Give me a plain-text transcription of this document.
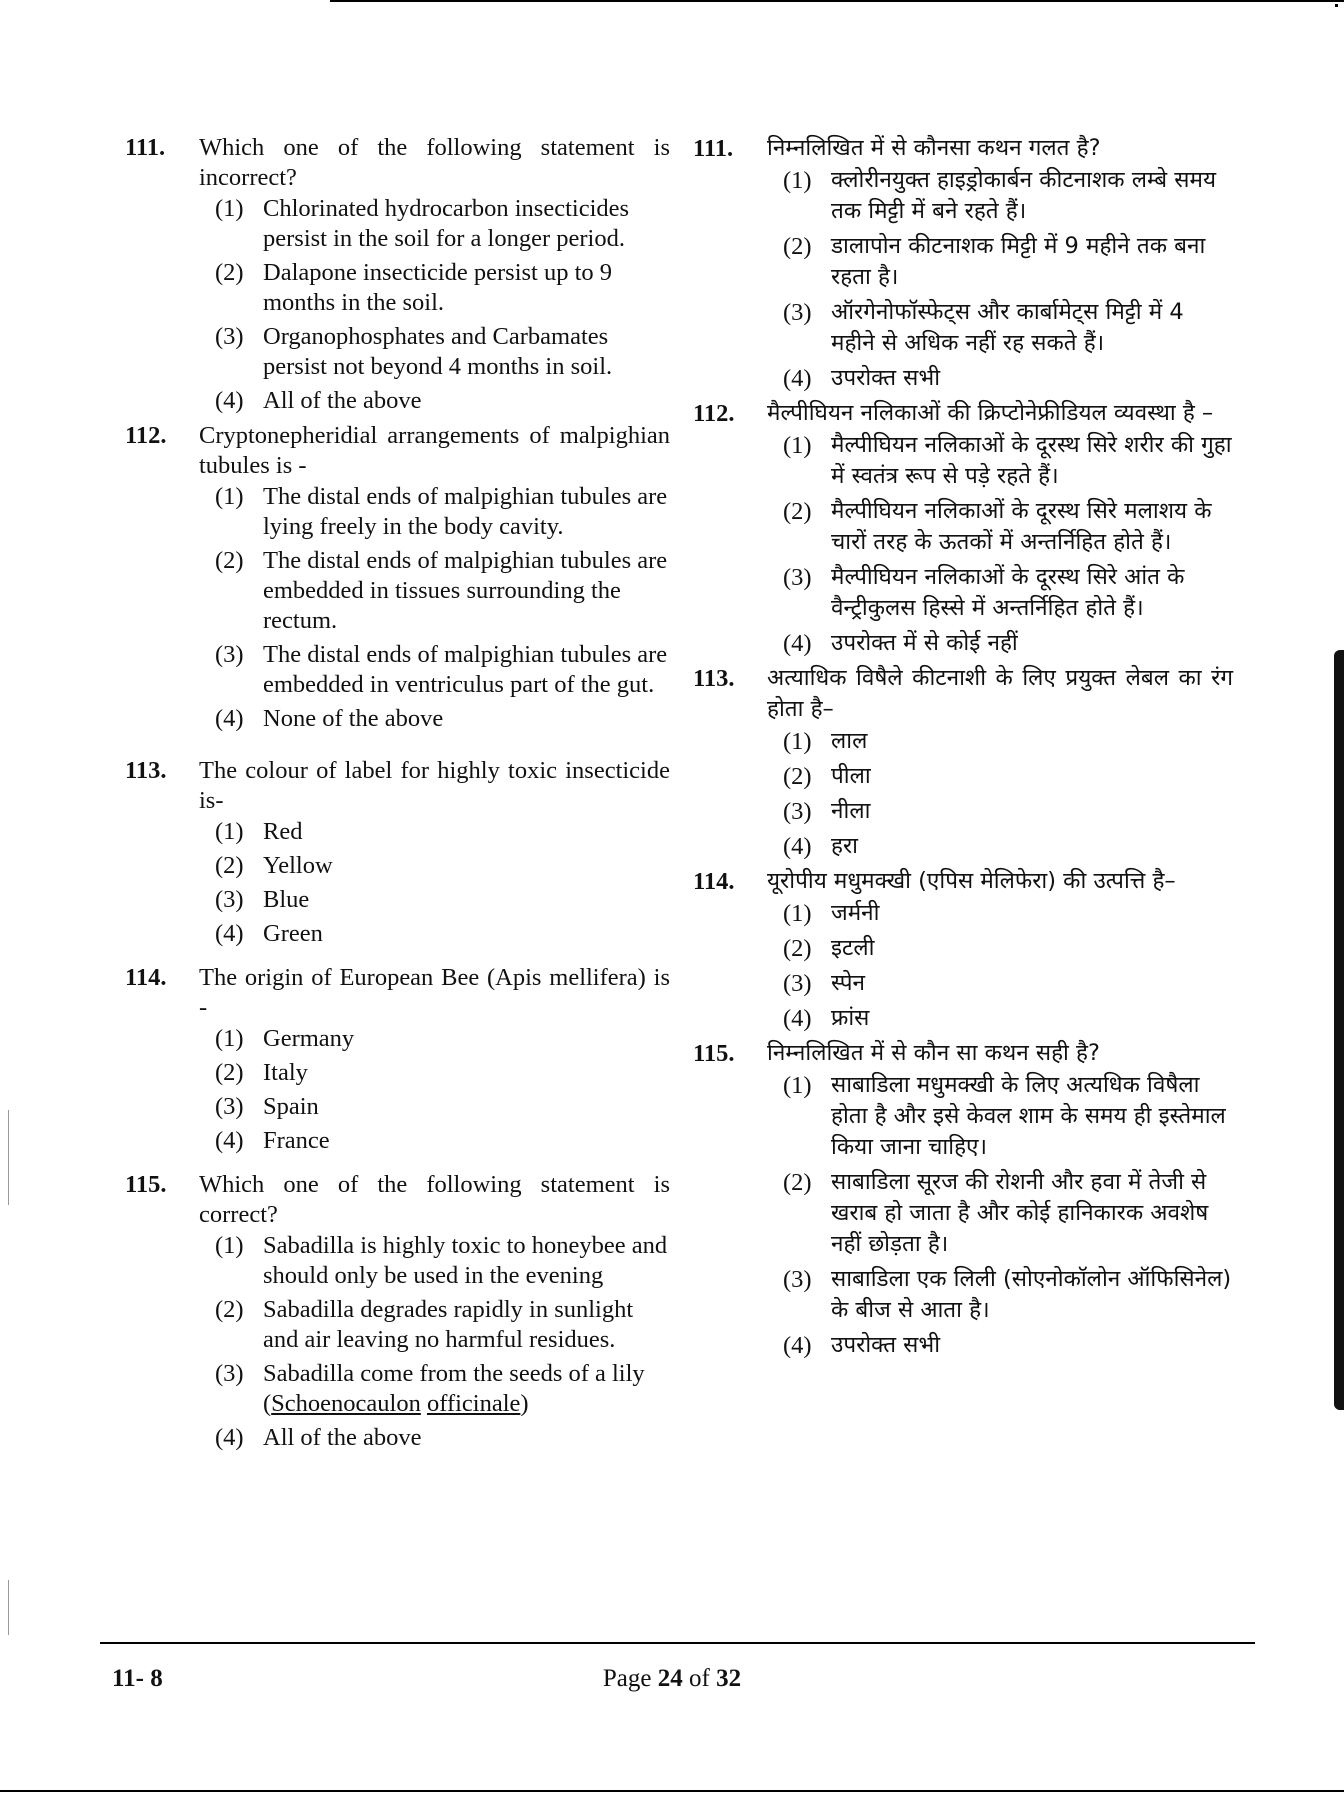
111. Which one of the following statement is incorrect?
(1) Chlorinated hydrocarbon insecticides persist in the soil for a longer period.
(2) Dalapone insecticide persist up to 9 months in the soil.
(3) Organophosphates and Carbamates persist not beyond 4 months in soil.
(4) All of the above
112. Cryptonepheridial arrangements of malpighian tubules is -
(1) The distal ends of malpighian tubules are lying freely in the body cavity.
(2) The distal ends of malpighian tubules are embedded in tissues surrounding the rectum.
(3) The distal ends of malpighian tubules are embedded in ventriculus part of the gut.
(4) None of the above
113. The colour of label for highly toxic insecticide is-
(1) Red
(2) Yellow
(3) Blue
(4) Green
114. The origin of European Bee (Apis mellifera) is -
(1) Germany
(2) Italy
(3) Spain
(4) France
115. Which one of the following statement is correct?
(1) Sabadilla is highly toxic to honeybee and should only be used in the evening
(2) Sabadilla degrades rapidly in sunlight and air leaving no harmful residues.
(3) Sabadilla come from the seeds of a lily (Schoenocaulon officinale)
(4) All of the above
111. निम्नलिखित में से कौनसा कथन गलत है?
(1) क्लोरीनयुक्त हाइड्रोकार्बन कीटनाशक लम्बे समय तक मिट्टी में बने रहते हैं।
(2) डालापोन कीटनाशक मिट्टी में 9 महीने तक बना रहता है।
(3) ऑरगेनोफॉस्फेट्स और कार्बामेट्स मिट्टी में 4 महीने से अधिक नहीं रह सकते हैं।
(4) उपरोक्त सभी
112. मैल्पीघियन नलिकाओं की क्रिप्टोनेफ्रीडियल व्यवस्था है –
(1) मैल्पीघियन नलिकाओं के दूरस्थ सिरे शरीर की गुहा में स्वतंत्र रूप से पड़े रहते हैं।
(2) मैल्पीघियन नलिकाओं के दूरस्थ सिरे मलाशय के चारों तरह के ऊतकों में अन्तर्निहित होते हैं।
(3) मैल्पीघियन नलिकाओं के दूरस्थ सिरे आंत के वैन्ट्रीकुलस हिस्से में अन्तर्निहित होते हैं।
(4) उपरोक्त में से कोई नहीं
113. अत्याधिक विषैले कीटनाशी के लिए प्रयुक्त लेबल का रंग होता है–
(1) लाल
(2) पीला
(3) नीला
(4) हरा
114. यूरोपीय मधुमक्खी (एपिस मेलिफेरा) की उत्पत्ति है–
(1) जर्मनी
(2) इटली
(3) स्पेन
(4) फ्रांस
115. निम्नलिखित में से कौन सा कथन सही है?
(1) साबाडिला मधुमक्खी के लिए अत्यधिक विषैला होता है और इसे केवल शाम के समय ही इस्तेमाल किया जाना चाहिए।
(2) साबाडिला सूरज की रोशनी और हवा में तेजी से खराब हो जाता है और कोई हानिकारक अवशेष नहीं छोड़ता है।
(3) साबाडिला एक लिली (सोएनोकॉलोन ऑफिसिनेल) के बीज से आता है।
(4) उपरोक्त सभी
11- 8	Page 24 of 32
